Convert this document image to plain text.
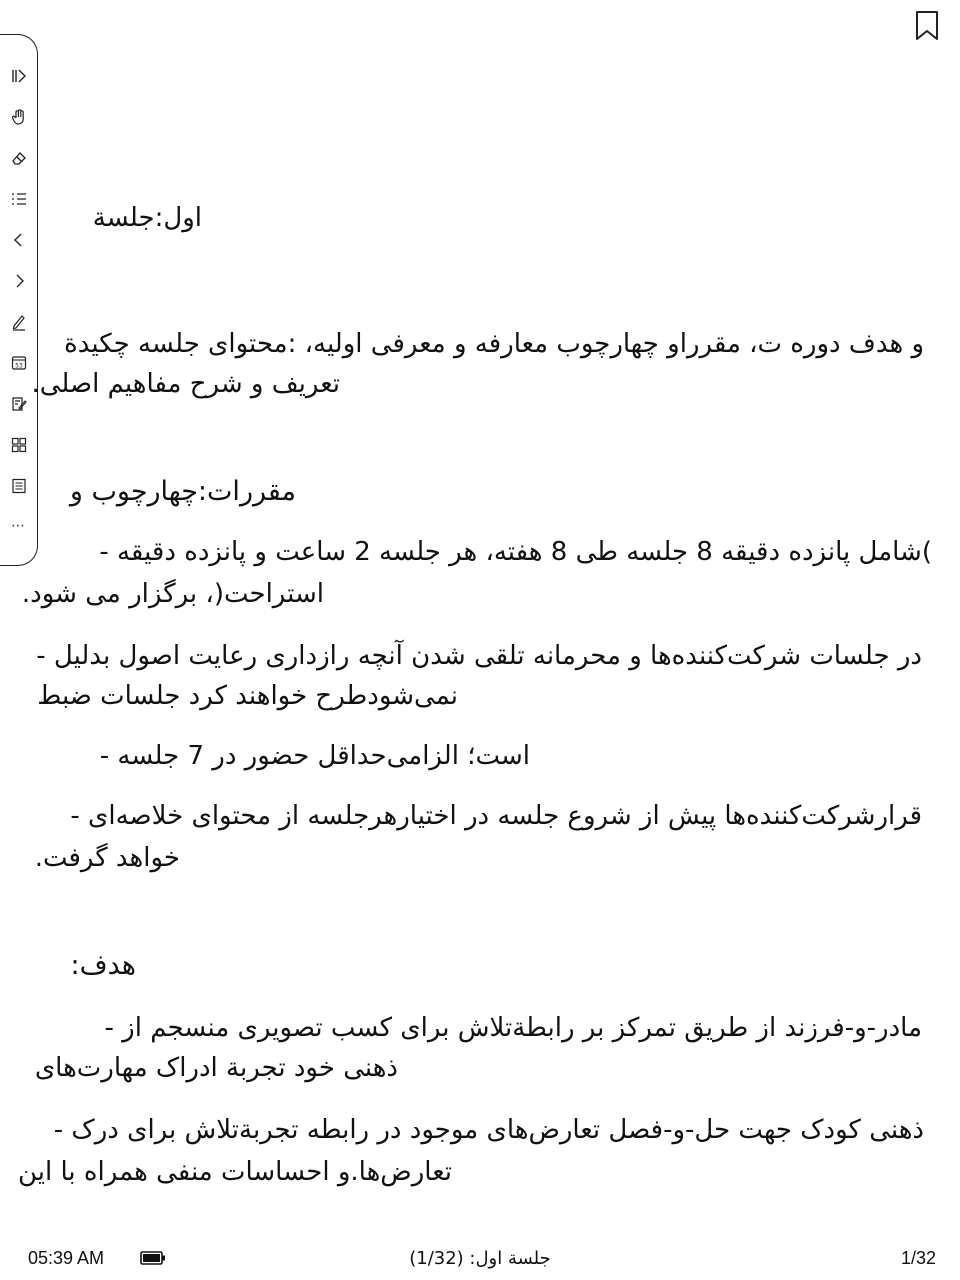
53
⋯
اول:جلسة
و هدف دوره ت، مقرراو چهارچوب معارفه و معرفی اولیه، :محتوای جلسه چکیدة
تعریف و شرح مفاهیم اصلی.
مقررات:چهارچوب و
)شامل پانزده دقیقه 8 جلسه طی 8 هفته، هر جلسه 2 ساعت و پانزده دقیقه -
استراحت(، برگزار می شود.
در جلسات شرکت‌کننده‌ها و محرمانه تلقی شدن آنچه رازداری رعایت اصول بدلیل -
نمی‌شودطرح خواهند کرد جلسات ضبط
است؛ الزامی‌حداقل حضور در 7 جلسه -
قرارشرکت‌کننده‌ها پیش از شروع جلسه در اختیارهرجلسه از محتوای خلاصه‌ای -
خواهد گرفت.
هدف:
مادر-و-فرزند از طریق تمرکز بر رابطةتلاش برای کسب تصویری منسجم از -
ذهنی خود تجربة ادراک مهارت‌های
ذهنی کودک جهت حل-و-فصل تعارض‌های موجود در رابطه تجربةتلاش برای درک -
تعارض‌ها.و احساسات منفی همراه با این
05:39 AM	جلسة اول: (1/32)	1/32
